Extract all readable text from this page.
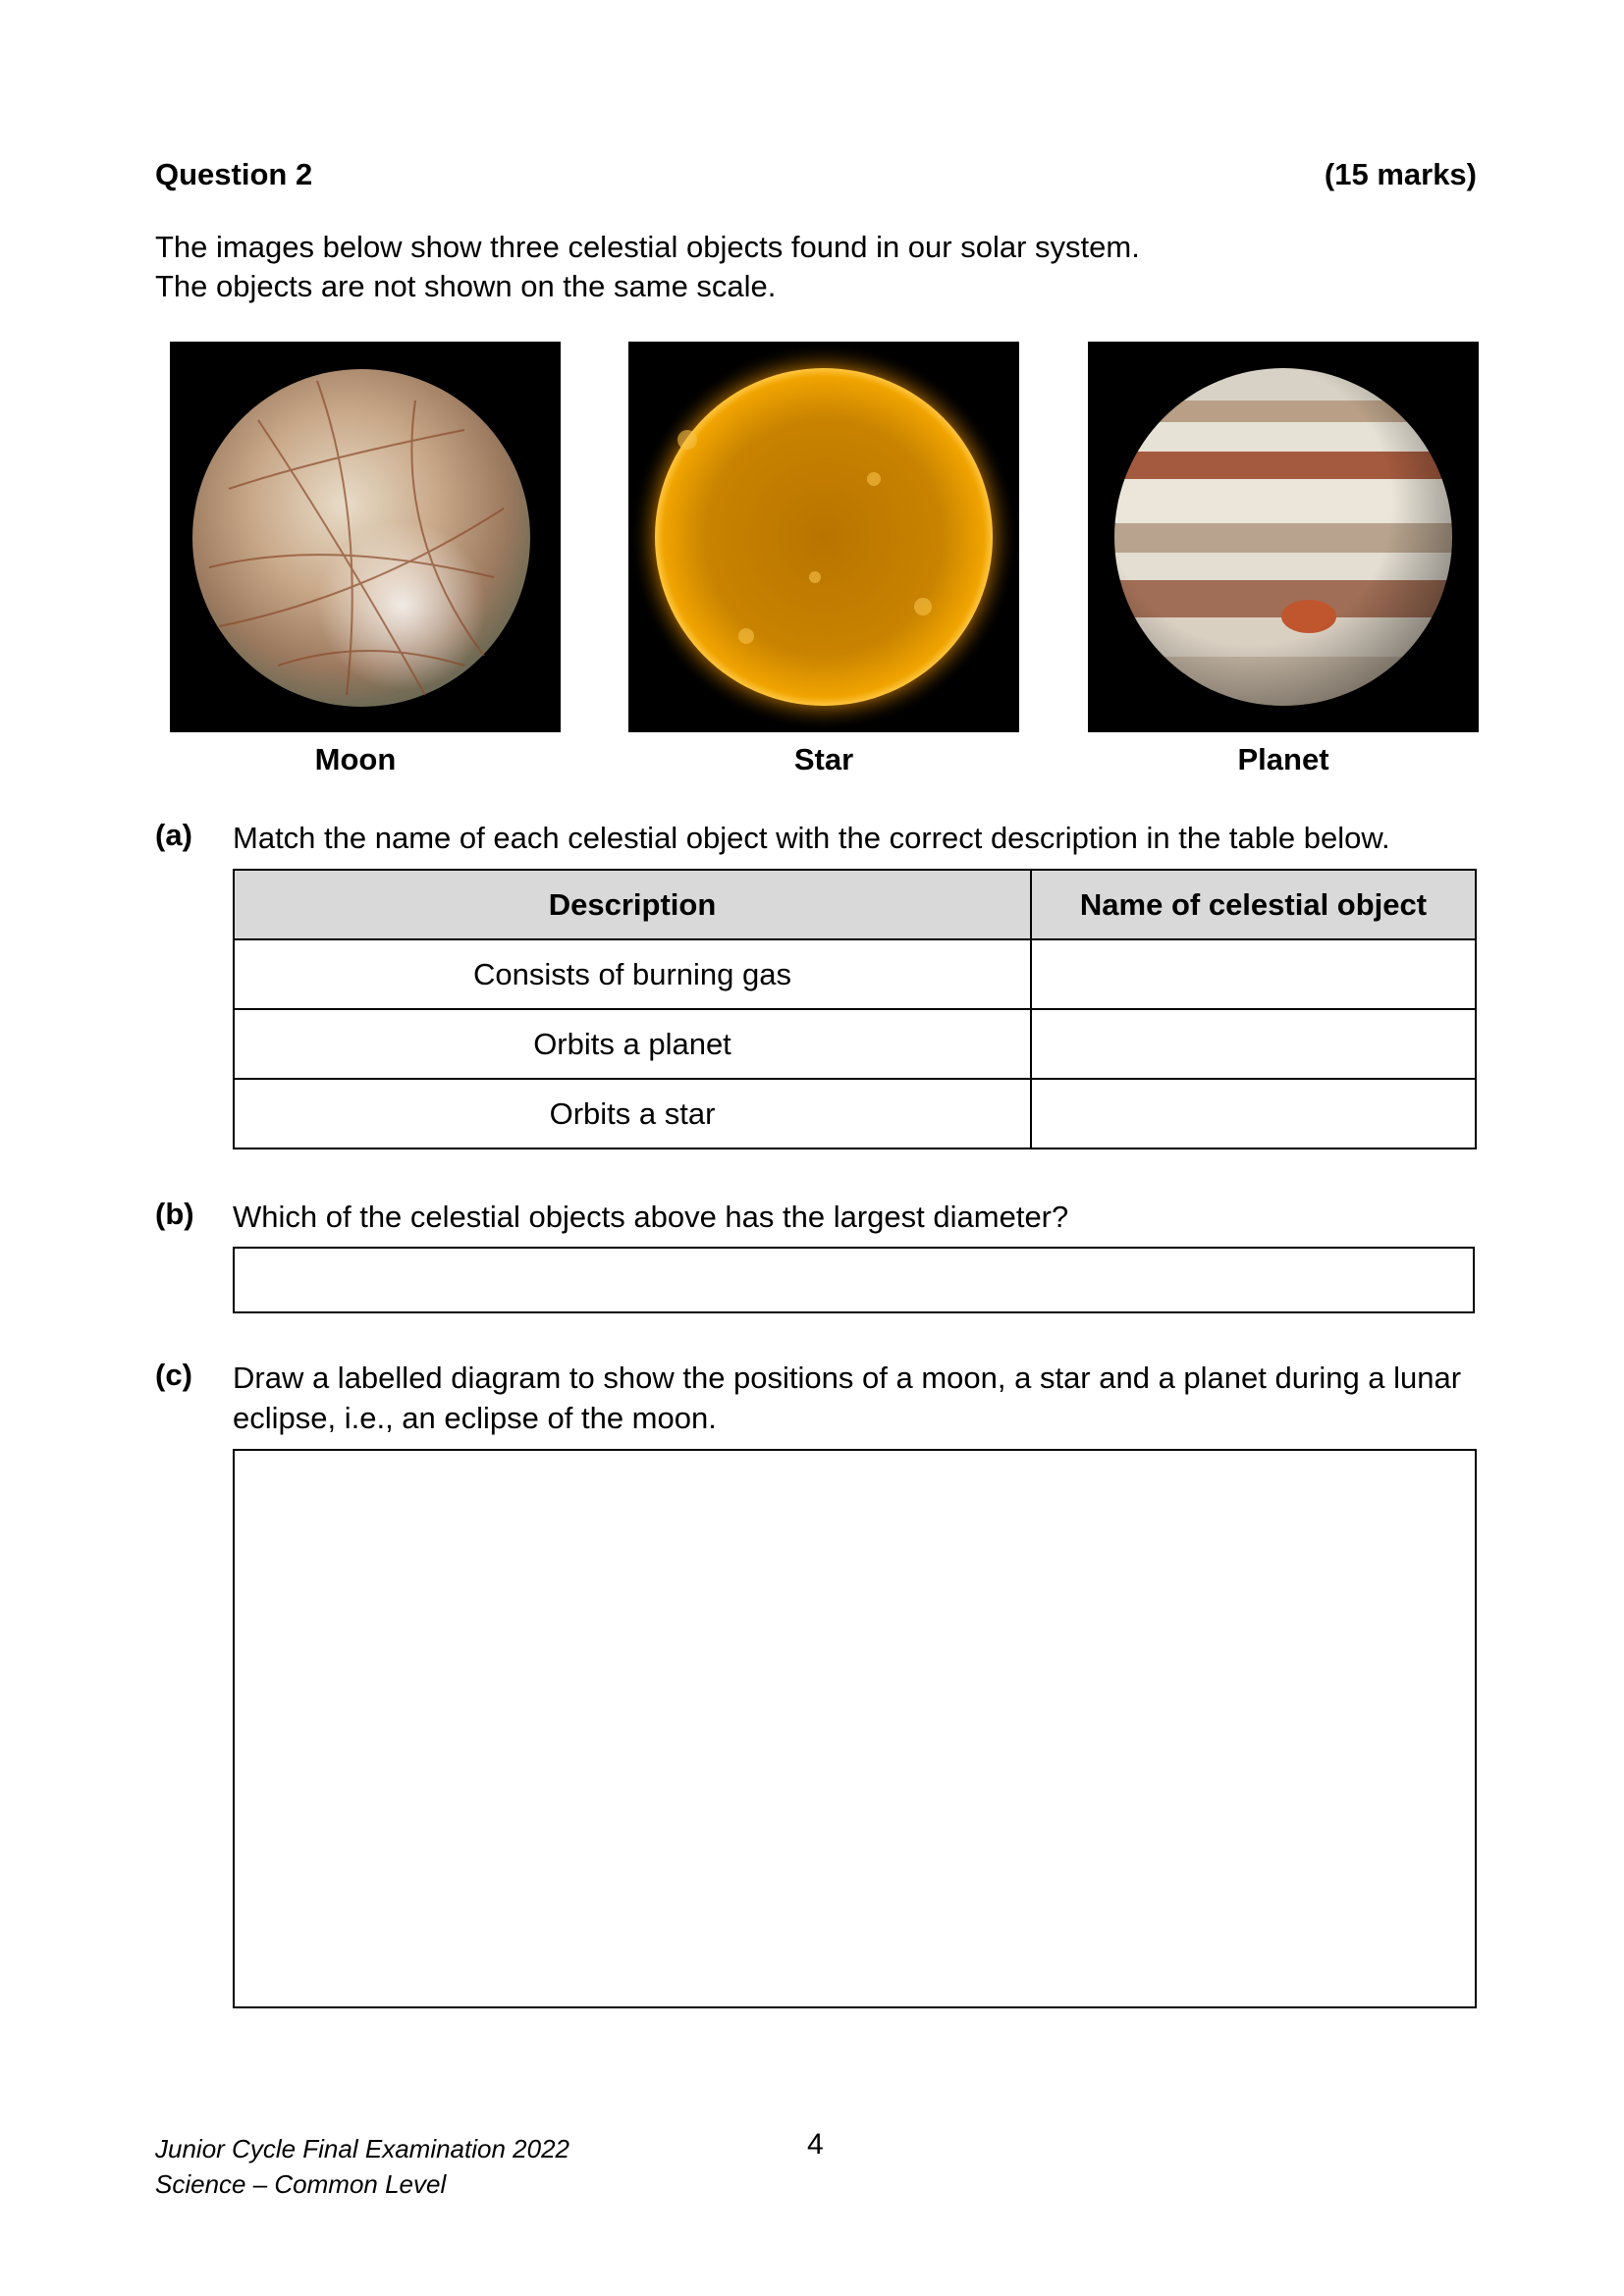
Question 2	(15 marks)
The images below show three celestial objects found in our solar system.
The objects are not shown on the same scale.
Moon	Star	Planet
(a) Match the name of each celestial object with the correct description in the table below.
Description	Name of celestial object
Consists of burning gas	
Orbits a planet	
Orbits a star	
(b) Which of the celestial objects above has the largest diameter?
(c) Draw a labelled diagram to show the positions of a moon, a star and a planet during a lunar eclipse, i.e., an eclipse of the moon.
Junior Cycle Final Examination 2022
Science – Common Level
4
